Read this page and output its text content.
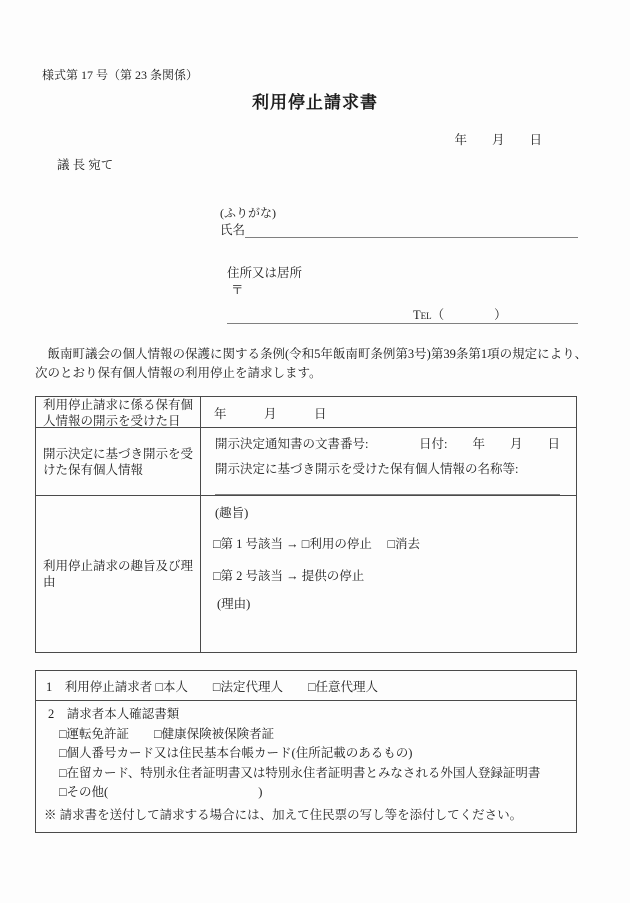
様式第 17 号（第 23 条関係）
利用停止請求書
年　　月　　日
議 長 宛て
(ふりがな)
氏名
住所又は居所
〒
Tel （　　　　）
　飯南町議会の個人情報の保護に関する条例(令和5年飯南町条例第3号)第39条第1項の規定により、
次のとおり保有個人情報の利用停止を請求します。
利用停止請求に係る保有個人情報の開示を受けた日	年　　　月　　　日
開示決定に基づき開示を受けた保有個人情報
開示決定通知書の文書番号:	日付:　　年　　月　　日
開示決定に基づき開示を受けた保有個人情報の名称等:
利用停止請求の趣旨及び理由
(趣旨)
□第 1 号該当 → □利用の停止　 □消去
□第 2 号該当 → 提供の停止
(理由)
1　利用停止請求者 □本人　　□法定代理人　　□任意代理人
2　請求者本人確認書類
□運転免許証　　□健康保険被保険者証
□個人番号カード又は住民基本台帳カード(住所記載のあるもの)
□在留カード、特別永住者証明書又は特別永住者証明書とみなされる外国人登録証明書
□その他(　　　　　　　　　　　　)
※ 請求書を送付して請求する場合には、加えて住民票の写し等を添付してください。
